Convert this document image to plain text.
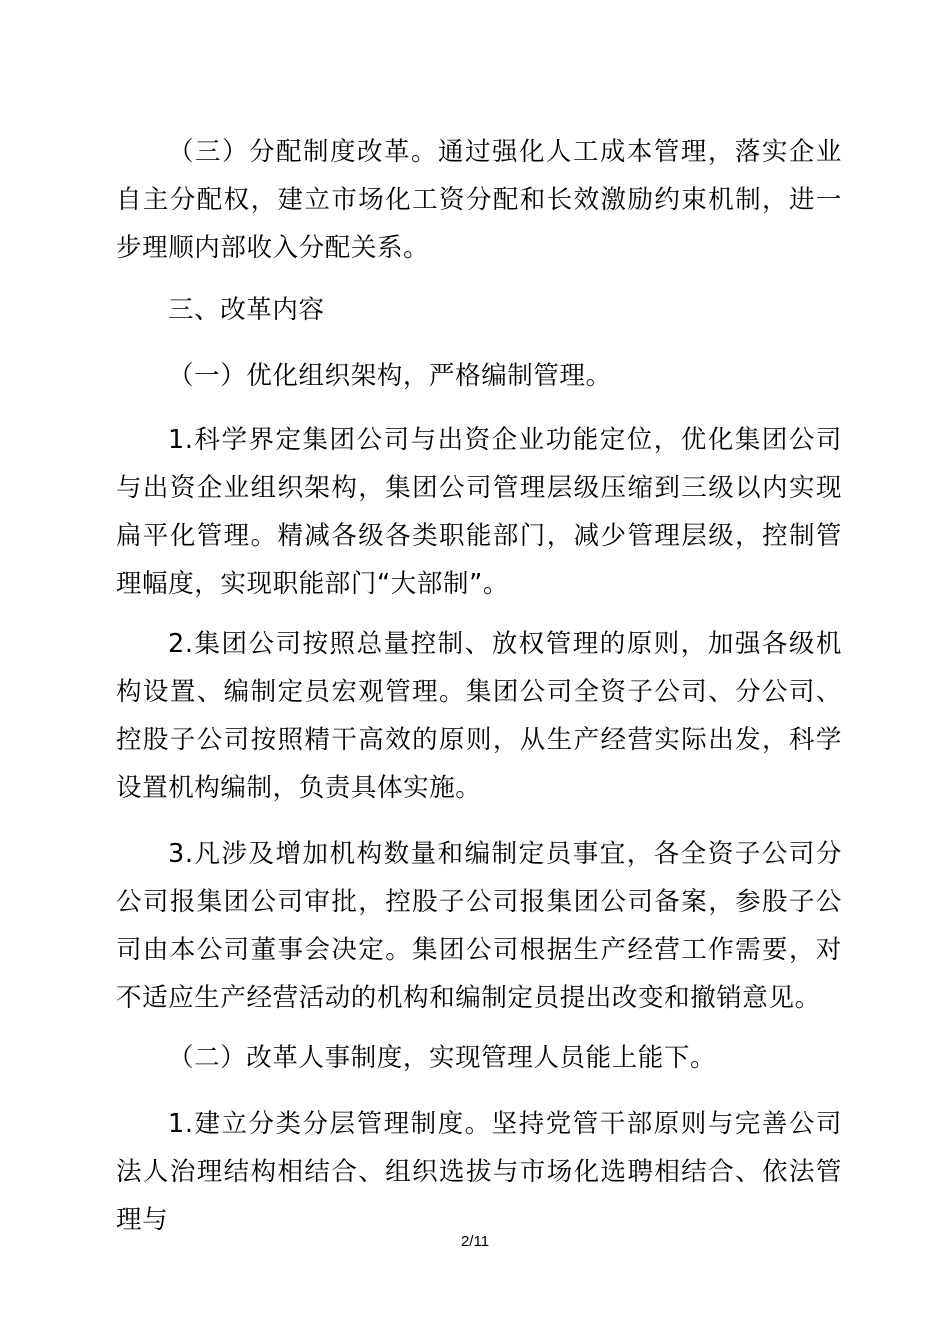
（三）分配制度改革。通过强化人工成本管理，落实企业自主分配权，建立市场化工资分配和长效激励约束机制，进一步理顺内部收入分配关系。

三、改革内容

（一）优化组织架构，严格编制管理。

1.科学界定集团公司与出资企业功能定位，优化集团公司与出资企业组织架构，集团公司管理层级压缩到三级以内实现扁平化管理。精减各级各类职能部门，减少管理层级，控制管理幅度，实现职能部门“大部制”。

2.集团公司按照总量控制、放权管理的原则，加强各级机构设置、编制定员宏观管理。集团公司全资子公司、分公司、控股子公司按照精干高效的原则，从生产经营实际出发，科学设置机构编制，负责具体实施。

3.凡涉及增加机构数量和编制定员事宜，各全资子公司分公司报集团公司审批，控股子公司报集团公司备案，参股子公司由本公司董事会决定。集团公司根据生产经营工作需要，对不适应生产经营活动的机构和编制定员提出改变和撤销意见。

（二）改革人事制度，实现管理人员能上能下。

1.建立分类分层管理制度。坚持党管干部原则与完善公司法人治理结构相结合、组织选拔与市场化选聘相结合、依法管理与

2/11
